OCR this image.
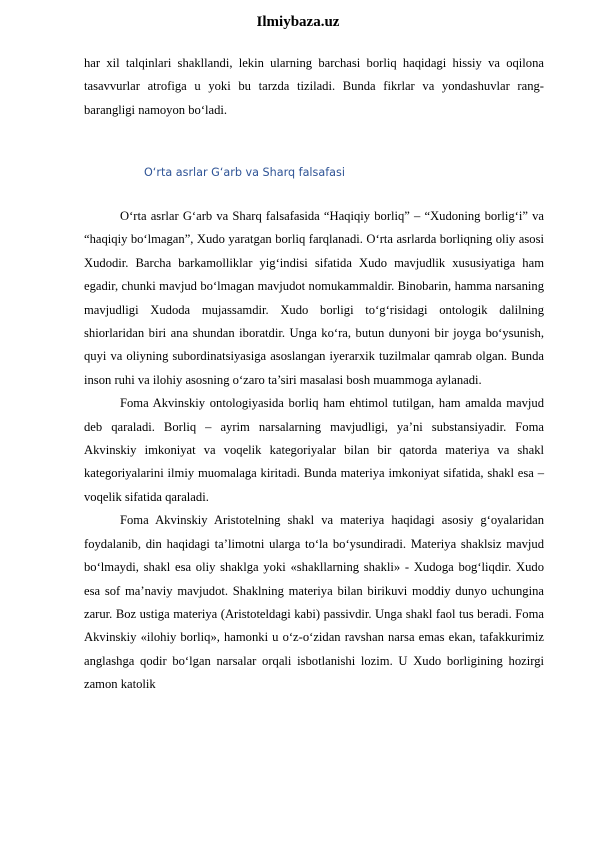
Ilmiybaza.uz

har xil talqinlari shakllandi, lekin ularning barchasi borliq haqidagi hissiy va oqilona tasavvurlar atrofiga u yoki bu tarzda tiziladi. Bunda fikrlar va yondashuvlar rang-barangligi namoyon bo‘ladi.

O‘rta asrlar G‘arb va Sharq falsafasi

O‘rta asrlar G‘arb va Sharq falsafasida “Haqiqiy borliq” – “Xudoning borlig‘i” va “haqiqiy bo‘lmagan”, Xudo yaratgan borliq farqlanadi. O‘rta asrlarda borliqning oliy asosi Xudodir. Barcha barkamolliklar yig‘indisi sifatida Xudo mavjudlik xususiyatiga ham egadir, chunki mavjud bo‘lmagan mavjudot nomukammaldir. Binobarin, hamma narsaning mavjudligi Xudoda mujassamdir. Xudo borligi to‘g‘risidagi ontologik dalilning shiorlaridan biri ana shundan iboratdir. Unga ko‘ra, butun dunyoni bir joyga bo‘ysunish, quyi va oliyning subordinatsiyasiga asoslangan iyerarxik tuzilmalar qamrab olgan. Bunda inson ruhi va ilohiy asosning o‘zaro ta’siri masalasi bosh muammoga aylanadi.

Foma Akvinskiy ontologiyasida borliq ham ehtimol tutilgan, ham amalda mavjud deb qaraladi. Borliq – ayrim narsalarning mavjudligi, ya’ni substansiyadir. Foma Akvinskiy imkoniyat va voqelik kategoriyalar bilan bir qatorda materiya va shakl kategoriyalarini ilmiy muomalaga kiritadi. Bunda materiya imkoniyat sifatida, shakl esa – voqelik sifatida qaraladi.

Foma Akvinskiy Aristotelning shakl va materiya haqidagi asosiy g‘oyalaridan foydalanib, din haqidagi ta’limotni ularga to‘la bo‘ysundiradi. Materiya shaklsiz mavjud bo‘lmaydi, shakl esa oliy shaklga yoki «shakllarning shakli» - Xudoga bog‘liqdir. Xudo esa sof ma’naviy mavjudot. Shaklning materiya bilan birikuvi moddiy dunyo uchungina zarur. Boz ustiga materiya (Aristoteldagi kabi) passivdir. Unga shakl faol tus beradi. Foma Akvinskiy «ilohiy borliq», hamonki u o‘z-o‘zidan ravshan narsa emas ekan, tafakkurimiz anglashga qodir bo‘lgan narsalar orqali isbotlanishi lozim. U Xudo borligining hozirgi zamon katolik
